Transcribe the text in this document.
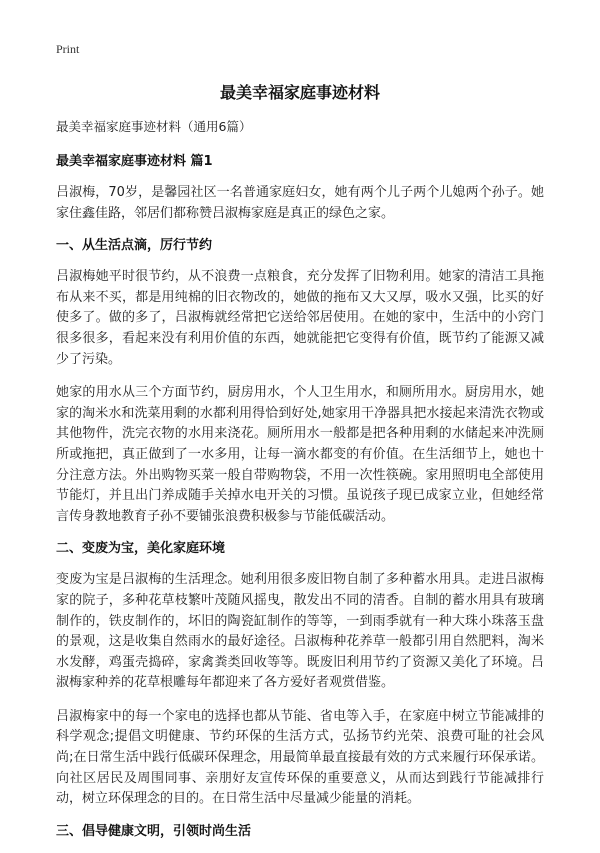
Print
最美幸福家庭事迹材料

最美幸福家庭事迹材料（通用6篇）

最美幸福家庭事迹材料 篇1

吕淑梅，70岁，是馨园社区一名普通家庭妇女，她有两个儿子两个儿媳两个孙子。她家住鑫佳路，邻居们都称赞吕淑梅家庭是真正的绿色之家。

一、从生活点滴，厉行节约

吕淑梅她平时很节约，从不浪费一点粮食，充分发挥了旧物利用。她家的清洁工具拖布从来不买，都是用纯棉的旧衣物改的，她做的拖布又大又厚，吸水又强，比买的好使多了。做的多了，吕淑梅就经常把它送给邻居使用。在她的家中，生活中的小窍门很多很多，看起来没有利用价值的东西，她就能把它变得有价值，既节约了能源又减少了污染。

她家的用水从三个方面节约，厨房用水，个人卫生用水，和厕所用水。厨房用水，她家的淘米水和洗菜用剩的水都利用得恰到好处,她家用干净器具把水接起来清洗衣物或其他物件，洗完衣物的水用来浇花。厕所用水一般都是把各种用剩的水储起来冲洗厕所或拖把，真正做到了一水多用，让每一滴水都变的有价值。在生活细节上，她也十分注意方法。外出购物买菜一般自带购物袋，不用一次性筷碗。家用照明电全部使用节能灯，并且出门养成随手关掉水电开关的习惯。虽说孩子现已成家立业，但她经常言传身教地教育子孙不要铺张浪费积极参与节能低碳活动。

二、变废为宝，美化家庭环境

变废为宝是吕淑梅的生活理念。她利用很多废旧物自制了多种蓄水用具。走进吕淑梅家的院子，多种花草枝繁叶茂随风摇曳，散发出不同的清香。自制的蓄水用具有玻璃制作的，铁皮制作的，坏旧的陶瓷缸制作的等等，一到雨季就有一种大珠小珠落玉盘的景观，这是收集自然雨水的最好途径。吕淑梅种花养草一般都引用自然肥料，淘米水发酵，鸡蛋壳捣碎，家禽粪类回收等等。既废旧利用节约了资源又美化了环境。吕淑梅家种养的花草根雕每年都迎来了各方爱好者观赏借鉴。

吕淑梅家中的每一个家电的选择也都从节能、省电等入手，在家庭中树立节能减排的科学观念;提倡文明健康、节约环保的生活方式，弘扬节约光荣、浪费可耻的社会风尚;在日常生活中践行低碳环保理念，用最简单最直接最有效的方式来履行环保承诺。向社区居民及周围同事、亲朋好友宣传环保的重要意义，从而达到践行节能减排行动，树立环保理念的目的。在日常生活中尽量减少能量的消耗。

三、倡导健康文明，引领时尚生活
